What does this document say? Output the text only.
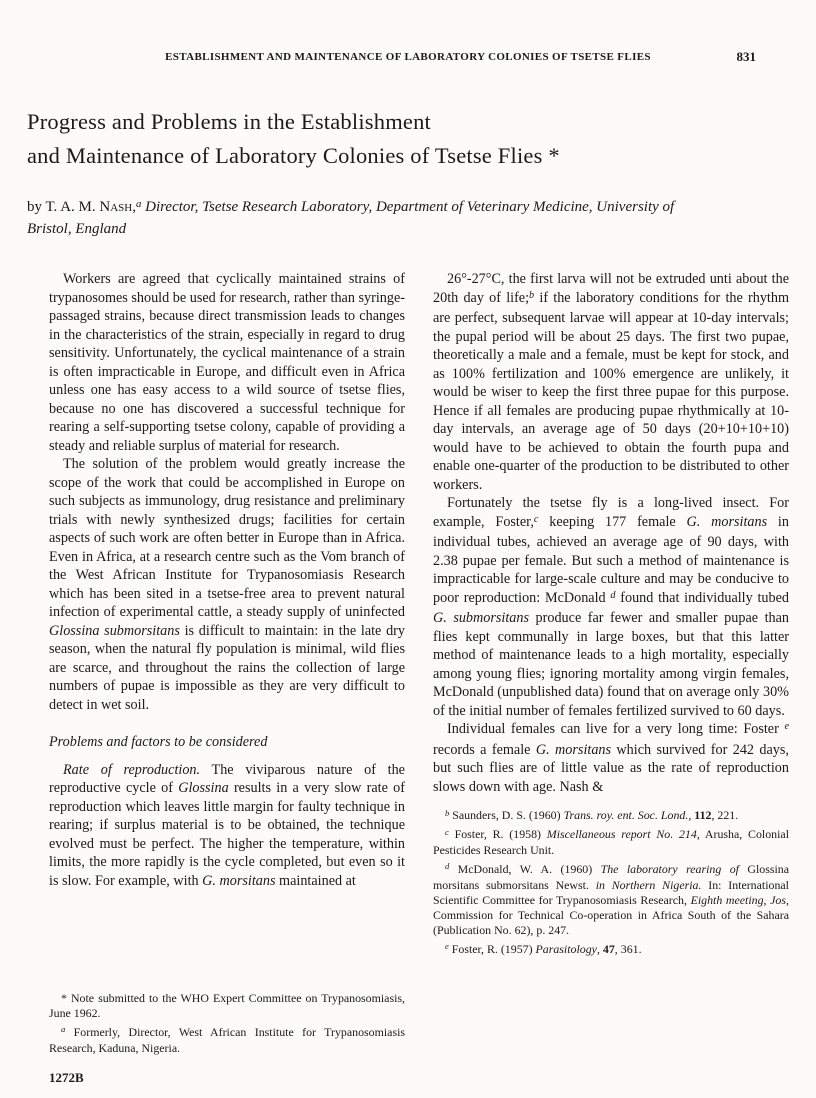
ESTABLISHMENT AND MAINTENANCE OF LABORATORY COLONIES OF TSETSE FLIES	831
Progress and Problems in the Establishment
and Maintenance of Laboratory Colonies of Tsetse Flies *
by T. A. M. Nash,$^a$ Director, Tsetse Research Laboratory, Department of Veterinary Medicine, University of Bristol, England

Workers are agreed that cyclically maintained strains of trypanosomes should be used for research, rather than syringe-passaged strains, because direct transmission leads to changes in the characteristics of the strain, especially in regard to drug sensitivity. Unfortunately, the cyclical maintenance of a strain is often impracticable in Europe, and difficult even in Africa unless one has easy access to a wild source of tsetse flies, because no one has discovered a successful technique for rearing a self-supporting tsetse colony, capable of providing a steady and reliable surplus of material for research.

The solution of the problem would greatly increase the scope of the work that could be accomplished in Europe on such subjects as immunology, drug resistance and preliminary trials with newly synthesized drugs; facilities for certain aspects of such work are often better in Europe than in Africa. Even in Africa, at a research centre such as the Vom branch of the West African Institute for Trypanosomiasis Research which has been sited in a tsetse-free area to prevent natural infection of experimental cattle, a steady supply of uninfected Glossina submorsitans is difficult to maintain: in the late dry season, when the natural fly population is minimal, wild flies are scarce, and throughout the rains the collection of large numbers of pupae is impossible as they are very difficult to detect in wet soil.

Problems and factors to be considered

Rate of reproduction. The viviparous nature of the reproductive cycle of Glossina results in a very slow rate of reproduction which leaves little margin for faulty technique in rearing; if surplus material is to be obtained, the technique evolved must be perfect. The higher the temperature, within limits, the more rapidly is the cycle completed, but even so it is slow. For example, with G. morsitans maintained at

* Note submitted to the WHO Expert Committee on Trypanosomiasis, June 1962.

$^a$ Formerly, Director, West African Institute for Trypanosomiasis Research, Kaduna, Nigeria.

1272B

26°-27°C, the first larva will not be extruded unti about the 20th day of life;$^b$ if the laboratory conditions for the rhythm are perfect, subsequent larvae will appear at 10-day intervals; the pupal period will be about 25 days. The first two pupae, theoretically a male and a female, must be kept for stock, and as 100% fertilization and 100% emergence are unlikely, it would be wiser to keep the first three pupae for this purpose. Hence if all females are producing pupae rhythmically at 10-day intervals, an average age of 50 days (20+10+10+10) would have to be achieved to obtain the fourth pupa and enable one-quarter of the production to be distributed to other workers.

Fortunately the tsetse fly is a long-lived insect. For example, Foster,$^c$ keeping 177 female G. morsitans in individual tubes, achieved an average age of 90 days, with 2.38 pupae per female. But such a method of maintenance is impracticable for large-scale culture and may be conducive to poor reproduction: McDonald $^d$ found that individually tubed G. submorsitans produce far fewer and smaller pupae than flies kept communally in large boxes, but that this latter method of maintenance leads to a high mortality, especially among young flies; ignoring mortality among virgin females, McDonald (unpublished data) found that on average only 30% of the initial number of females fertilized survived to 60 days.

Individual females can live for a very long time: Foster $^e$ records a female G. morsitans which survived for 242 days, but such flies are of little value as the rate of reproduction slows down with age. Nash &

$^b$ Saunders, D. S. (1960) Trans. roy. ent. Soc. Lond., 112, 221.

$^c$ Foster, R. (1958) Miscellaneous report No. 214, Arusha, Colonial Pesticides Research Unit.

$^d$ McDonald, W. A. (1960) The laboratory rearing of Glossina morsitans submorsitans Newst. in Northern Nigeria. In: International Scientific Committee for Trypanosomiasis Research, Eighth meeting, Jos, Commission for Technical Co-operation in Africa South of the Sahara (Publication No. 62), p. 247.

$^e$ Foster, R. (1957) Parasitology, 47, 361.
